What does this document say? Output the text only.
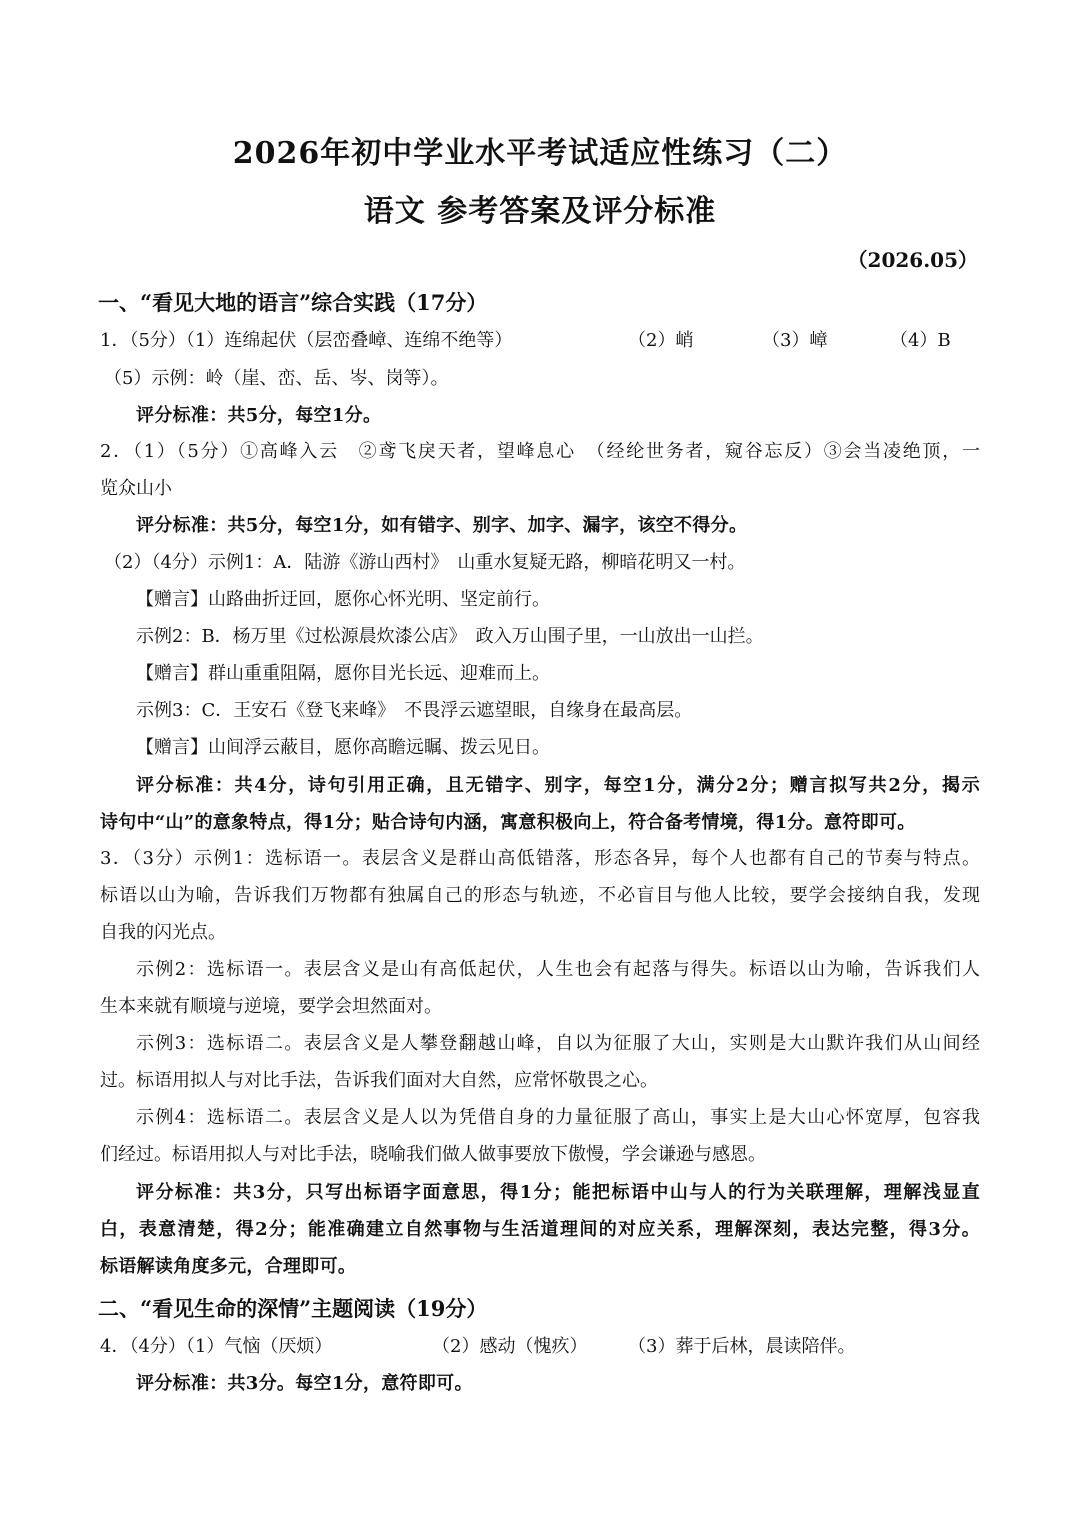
2026年初中学业水平考试适应性练习（二）
语文 参考答案及评分标准
（2026.05）
一、“看见大地的语言”综合实践（17分）
1．（5分）（1）连绵起伏（层峦叠嶂、连绵不绝等）	（2）峭	（3）嶂	（4）B
（5）示例：岭（崖、峦、岳、岑、岗等）。
评分标准：共5分，每空1分。
2．（1）（5分）①高峰入云　②鸢飞戾天者，望峰息心　（经纶世务者，窥谷忘反）③会当凌绝顶，一
览众山小
评分标准：共5分，每空1分，如有错字、别字、加字、漏字，该空不得分。
（2）（4分）示例1：A．陆游《游山西村》　山重水复疑无路，柳暗花明又一村。
【赠言】山路曲折迂回，愿你心怀光明、坚定前行。
示例2：B．杨万里《过松源晨炊漆公店》　政入万山围子里，一山放出一山拦。
【赠言】群山重重阻隔，愿你目光长远、迎难而上。
示例3：C．王安石《登飞来峰》　不畏浮云遮望眼，自缘身在最高层。
【赠言】山间浮云蔽目，愿你高瞻远瞩、拨云见日。
评分标准：共4分，诗句引用正确，且无错字、别字，每空1分，满分2分；赠言拟写共2分，揭示
诗句中“山”的意象特点，得1分；贴合诗句内涵，寓意积极向上，符合备考情境，得1分。意符即可。
3．（3分）示例1：选标语一。表层含义是群山高低错落，形态各异，每个人也都有自己的节奏与特点。
标语以山为喻，告诉我们万物都有独属自己的形态与轨迹，不必盲目与他人比较，要学会接纳自我，发现
自我的闪光点。
示例2：选标语一。表层含义是山有高低起伏，人生也会有起落与得失。标语以山为喻，告诉我们人
生本来就有顺境与逆境，要学会坦然面对。
示例3：选标语二。表层含义是人攀登翻越山峰，自以为征服了大山，实则是大山默许我们从山间经
过。标语用拟人与对比手法，告诉我们面对大自然，应常怀敬畏之心。
示例4：选标语二。表层含义是人以为凭借自身的力量征服了高山，事实上是大山心怀宽厚，包容我
们经过。标语用拟人与对比手法，晓喻我们做人做事要放下傲慢，学会谦逊与感恩。
评分标准：共3分，只写出标语字面意思，得1分；能把标语中山与人的行为关联理解，理解浅显直
白，表意清楚，得2分；能准确建立自然事物与生活道理间的对应关系，理解深刻，表达完整，得3分。
标语解读角度多元，合理即可。
二、“看见生命的深情”主题阅读（19分）
4．（4分）（1）气恼（厌烦）	（2）感动（愧疚） （3）葬于后林，晨读陪伴。
评分标准：共3分。每空1分，意符即可。
